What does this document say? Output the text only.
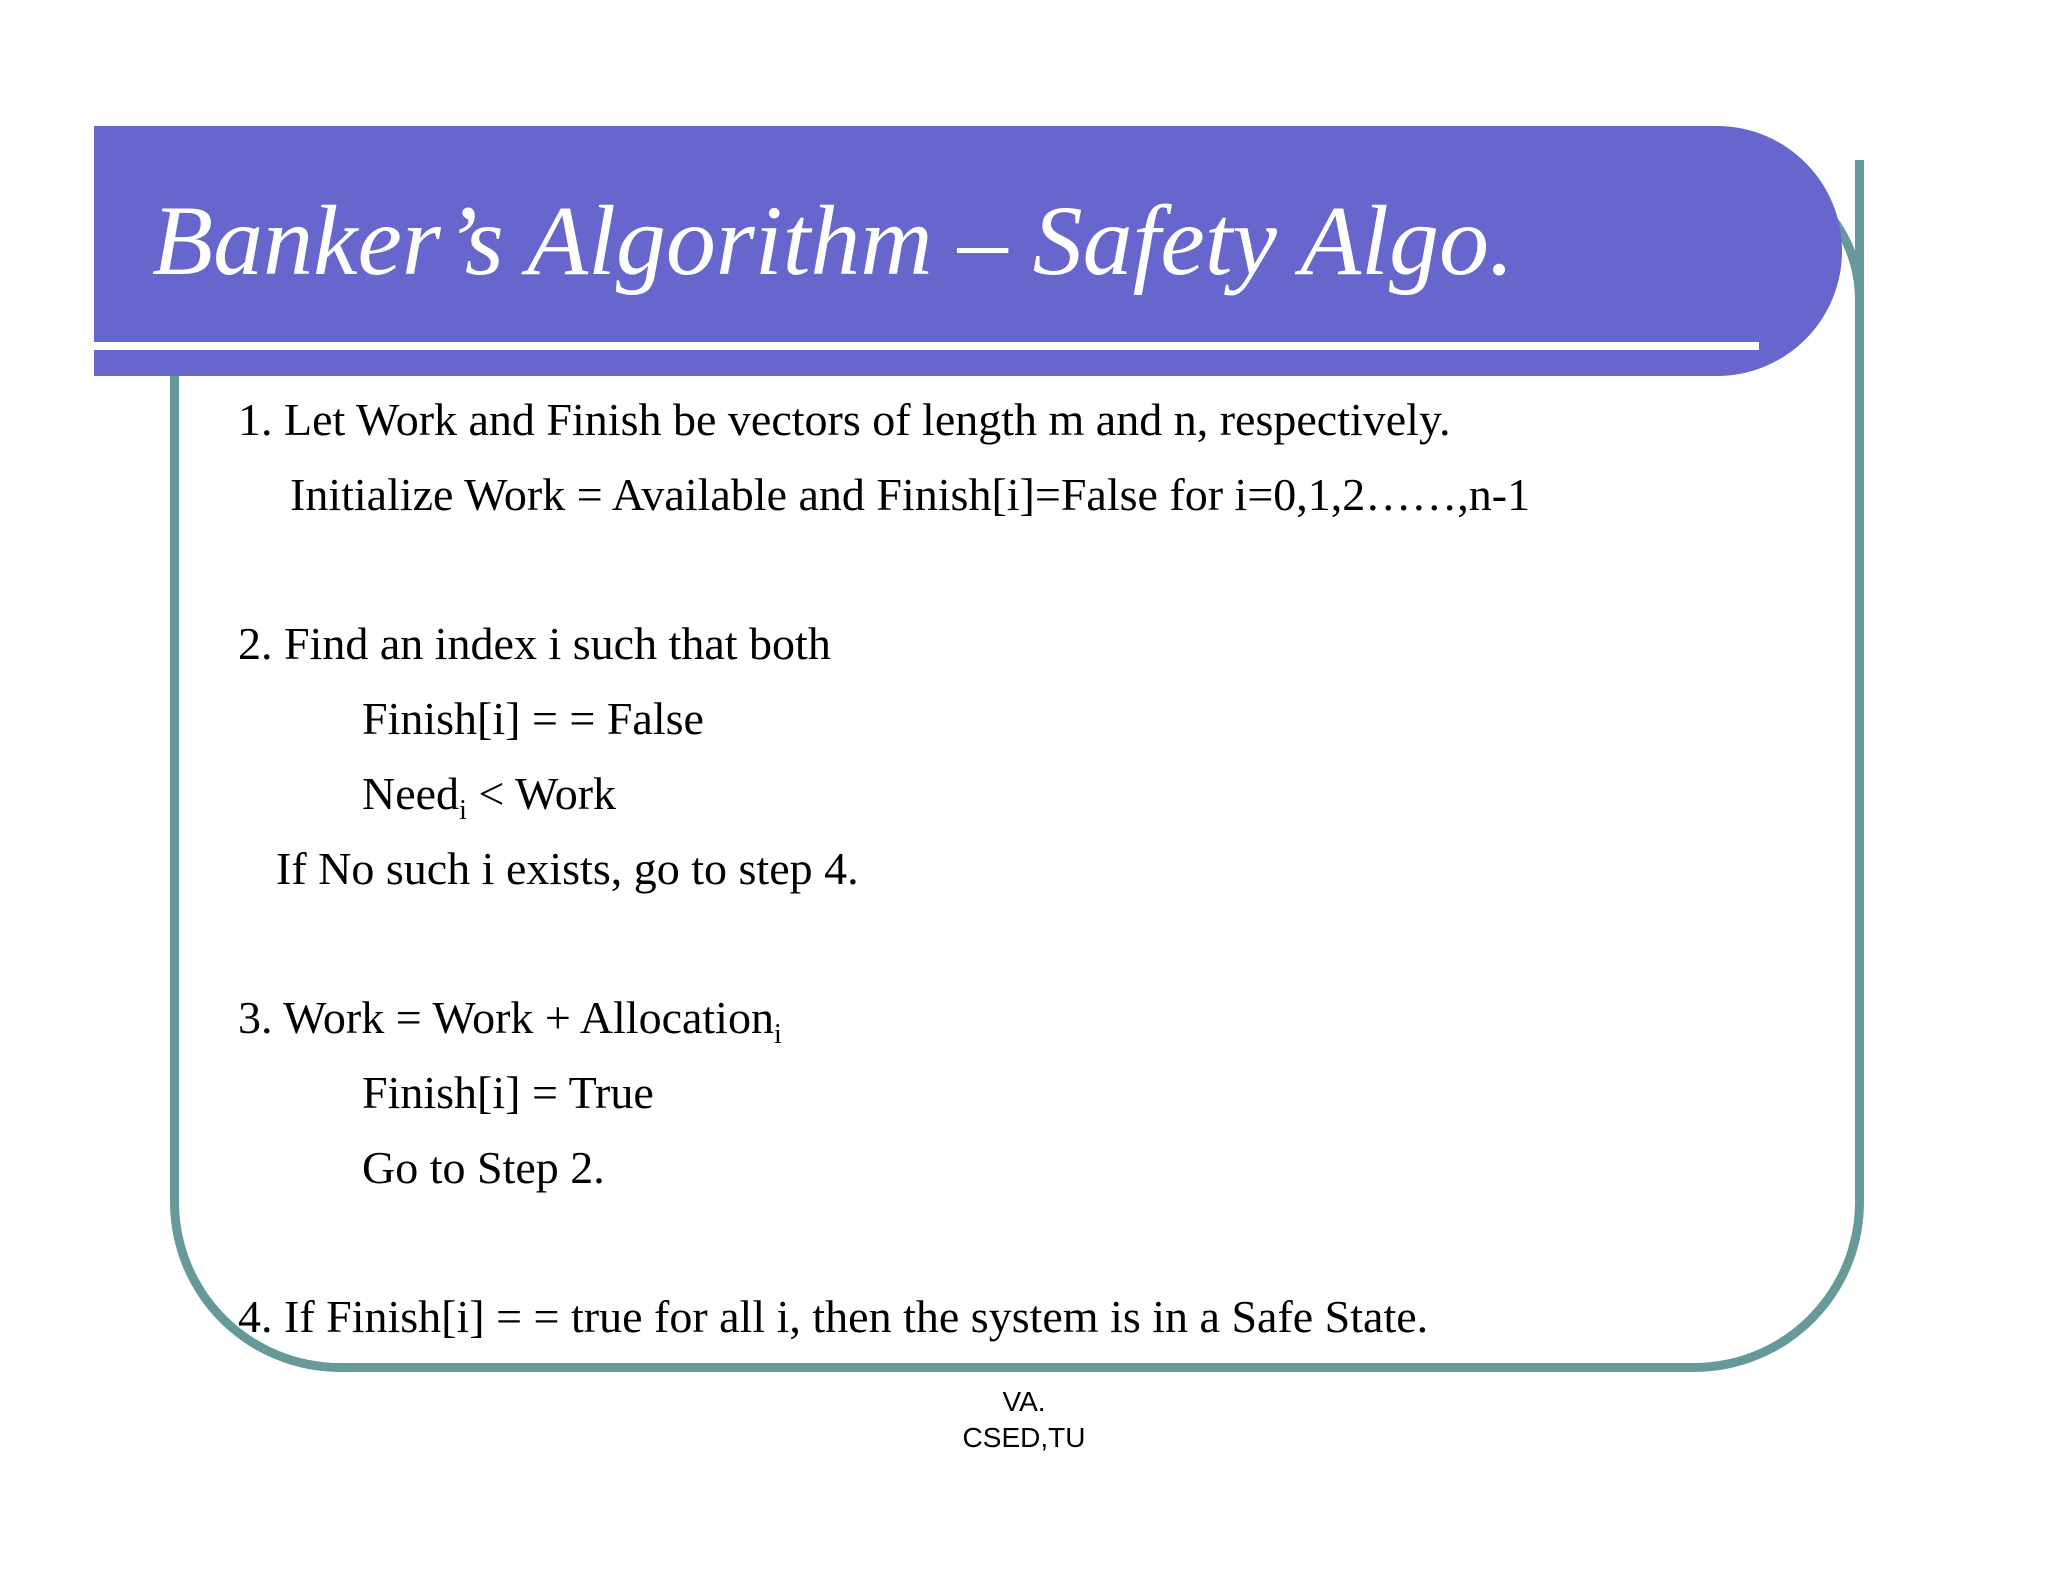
Banker’s Algorithm – Safety Algo.
1. Let Work and Finish be vectors of length m and n, respectively.
Initialize Work = Available and Finish[i]=False for i=0,1,2……,n-1
2. Find an index i such that both
Finish[i] = = False
Need$_i$ < Work
If No such i exists, go to step 4.
3. Work = Work + Allocation$_i$
Finish[i] = True
Go to Step 2.
4. If Finish[i] = = true for all i, then the system is in a Safe State.
VA.
CSED,TU
